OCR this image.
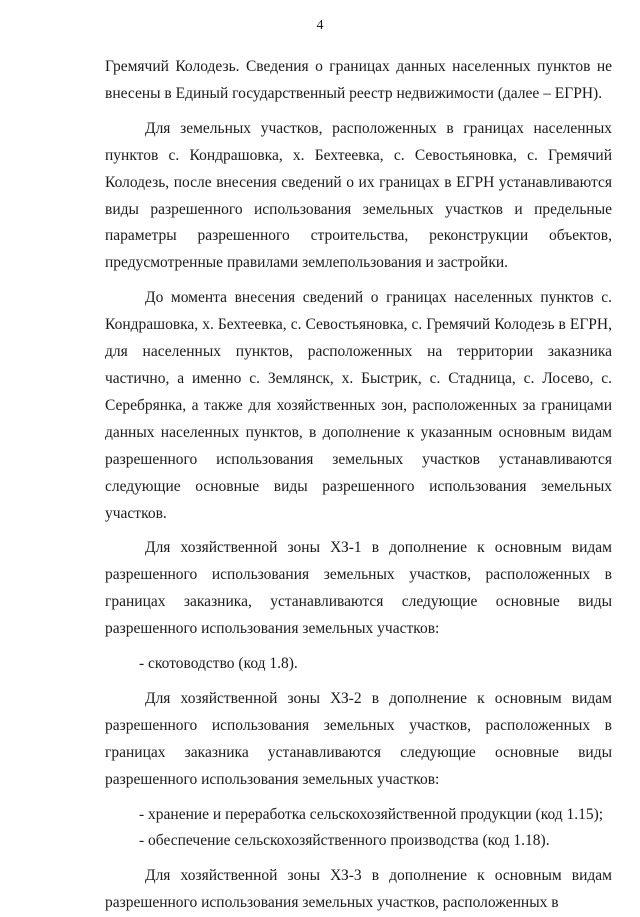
4

Гремячий Колодезь. Сведения о границах данных населенных пунктов не внесены в Единый государственный реестр недвижимости (далее – ЕГРН).

Для земельных участков, расположенных в границах населенных пунктов с. Кондрашовка, х. Бехтеевка, с. Севостьяновка, с. Гремячий Колодезь, после внесения сведений о их границах в ЕГРН устанавливаются виды разрешенного использования земельных участков и предельные параметры разрешенного строительства, реконструкции объектов, предусмотренные правилами землепользования и застройки.

До момента внесения сведений о границах населенных пунктов с. Кондрашовка, х. Бехтеевка, с. Севостьяновка, с. Гремячий Колодезь в ЕГРН, для населенных пунктов, расположенных на территории заказника частично, а именно с. Землянск, х. Быстрик, с. Стадница, с. Лосево, с. Серебрянка, а также для хозяйственных зон, расположенных за границами данных населенных пунктов, в дополнение к указанным основным видам разрешенного использования земельных участков устанавливаются следующие основные виды разрешенного использования земельных участков.

Для хозяйственной зоны ХЗ-1 в дополнение к основным видам разрешенного использования земельных участков, расположенных в границах заказника, устанавливаются следующие основные виды разрешенного использования земельных участков:

- скотоводство (код 1.8).

Для хозяйственной зоны ХЗ-2 в дополнение к основным видам разрешенного использования земельных участков, расположенных в границах заказника устанавливаются следующие основные виды разрешенного использования земельных участков:

- хранение и переработка сельскохозяйственной продукции (код 1.15);

- обеспечение сельскохозяйственного производства (код 1.18).

Для хозяйственной зоны ХЗ-3 в дополнение к основным видам разрешенного использования земельных участков, расположенных в
